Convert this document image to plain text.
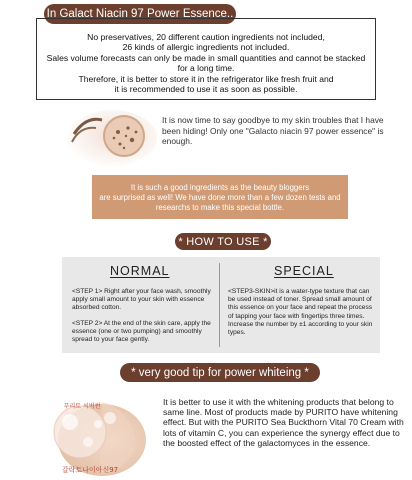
In Galact Niacin 97 Power Essence..

No preservatives, 20 different caution ingredients not included,

26 kinds of allergic ingredients not included.

Sales volume forecasts can only be made in small quantities and cannot be stacked

for a long time.

Therefore, it is better to store it in the refrigerator like fresh fruit and

it is recommended to use it as soon as possible.

It is now time to say goodbye to my skin troubles that I have been hiding! Only one "Galacto niacin 97 power essence" is enough.

It is such a good ingredients as the beauty bloggers

are surprised as well! We have done more than a few dozen tests and

researchs to make this special bottle.

* HOW TO USE *
NORMAL	SPECIAL
<STEP 1> Right after your face wash, smoothly apply small amount to your skin with essence absorbed cotton.
<STEP 2> At the end of the skin care, apply the essence (one or two pumping) and smoothly spread to your face gently.
<STEP3-SKIN>it is a water-type texture that can be used instead of toner. Spread small amount of this essence on your face and repeat the process of tapping your face with fingertips three times. Increase the number by ±1 according to your skin types.
* very good tip for power whiteing *
푸리토 씨벅썬
갈락토나이아신97
It is better to use it with the whitening products that belong to same line. Most of products made by PURITO have whitening effect. But with the PURITO Sea Buckthorn Vital 70 Cream with lots of vitamin C, you can experience the synergy effect due to the boosted effect of the galactomyces in the essence.
